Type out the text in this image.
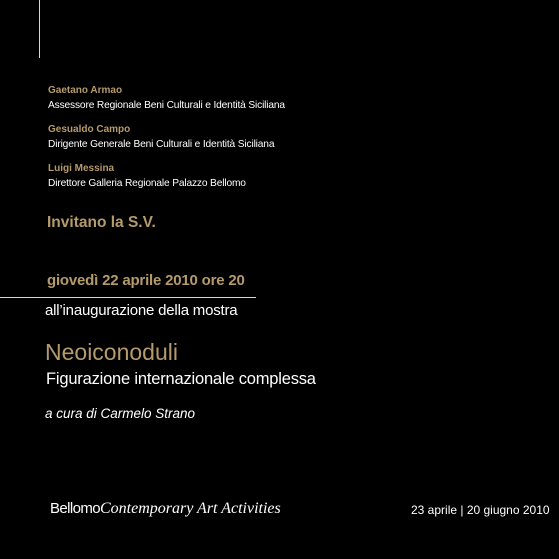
Gaetano Armao
Assessore Regionale Beni Culturali e Identità Siciliana
Gesualdo Campo
Dirigente Generale Beni Culturali e Identità Siciliana
Luigi Messina
Direttore Galleria Regionale Palazzo Bellomo
Invitano la S.V.
giovedì 22 aprile 2010 ore 20
all’inaugurazione della mostra
Neoiconoduli
Figurazione internazionale complessa
a cura di Carmelo Strano
BellomoContemporary Art Activities	23 aprile | 20 giugno 2010
